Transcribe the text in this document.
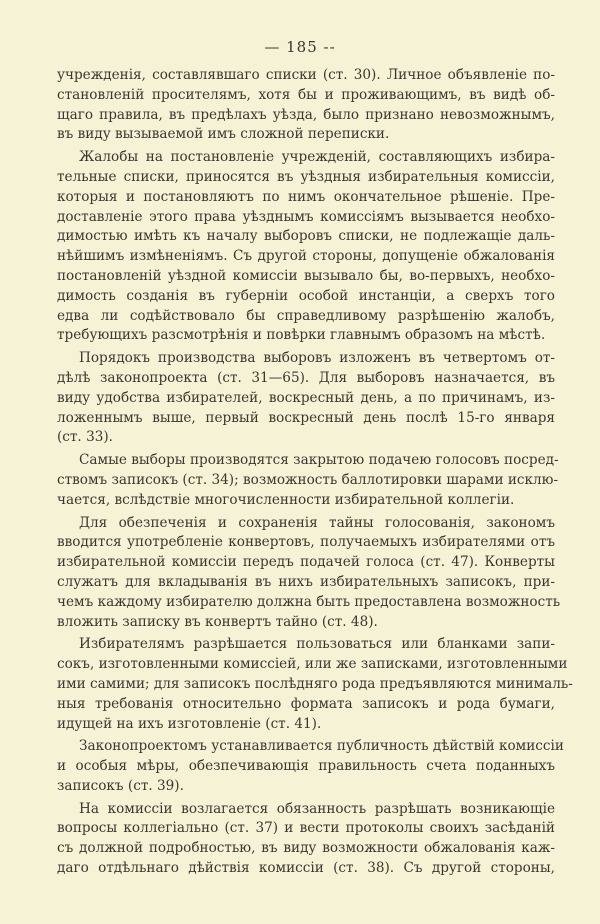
— 185 --
учрежденія, составлявшаго списки (ст. 30). Личное объявленіе по-
становленій просителямъ, хотя бы и проживающимъ, въ видѣ об-
щаго правила, въ предѣлахъ уѣзда, было признано невозможнымъ,
въ виду вызываемой имъ сложной переписки.
Жалобы на постановленіе учрежденій, составляющихъ избира-
тельные списки, приносятся въ уѣздныя избирательныя комиссіи,
которыя и постановляютъ по нимъ окончательное рѣшеніе. Пре-
доставленіе этого права уѣзднымъ комиссіямъ вызывается необхо-
димостью имѣть къ началу выборовъ списки, не подлежащіе даль-
нѣйшимъ измѣненіямъ. Съ другой стороны, допущеніе обжалованія
постановленій уѣздной комиссіи вызывало бы, во-первыхъ, необхо-
димость созданія въ губерніи особой инстанціи, а сверхъ того
едва ли содѣйствовало бы справедливому разрѣшенію жалобъ,
требующихъ разсмотрѣнія и повѣрки главнымъ образомъ на мѣстѣ.
Порядокъ производства выборовъ изложенъ въ четвертомъ от-
дѣлѣ законопроекта (ст. 31—65). Для выборовъ назначается, въ
виду удобства избирателей, воскресный день, а по причинамъ, из-
ложеннымъ выше, первый воскресный день послѣ 15-го января
(ст. 33).
Самые выборы производятся закрытою подачею голосовъ посред-
ствомъ записокъ (ст. 34); возможность баллотировки шарами исклю-
чается, вслѣдствіе многочисленности избирательной коллегіи.
Для обезпеченія и сохраненія тайны голосованія, закономъ
вводится употребленіе конвертовъ, получаемыхъ избирателями отъ
избирательной комиссіи передъ подачей голоса (ст. 47). Конверты
служатъ для вкладыванія въ нихъ избирательныхъ записокъ, при-
чемъ каждому избирателю должна быть предоставлена возможность
вложить записку въ конвертъ тайно (ст. 48).
Избирателямъ разрѣшается пользоваться или бланками запи-
сокъ, изготовленными комиссіей, или же записками, изготовленными
ими самими; для записокъ послѣдняго рода предъявляются минималь-
ныя требованія относительно формата записокъ и рода бумаги,
идущей на ихъ изготовленіе (ст. 41).
Законопроектомъ устанавливается публичность дѣйствій комиссіи
и особыя мѣры, обезпечивающія правильность счета поданныхъ
записокъ (ст. 39).
На комиссіи возлагается обязанность разрѣшать возникающіе
вопросы коллегіально (ст. 37) и вести протоколы своихъ засѣданій
съ должной подробностью, въ виду возможности обжалованія каж-
даго отдѣльнаго дѣйствія комиссіи (ст. 38). Съ другой стороны,
